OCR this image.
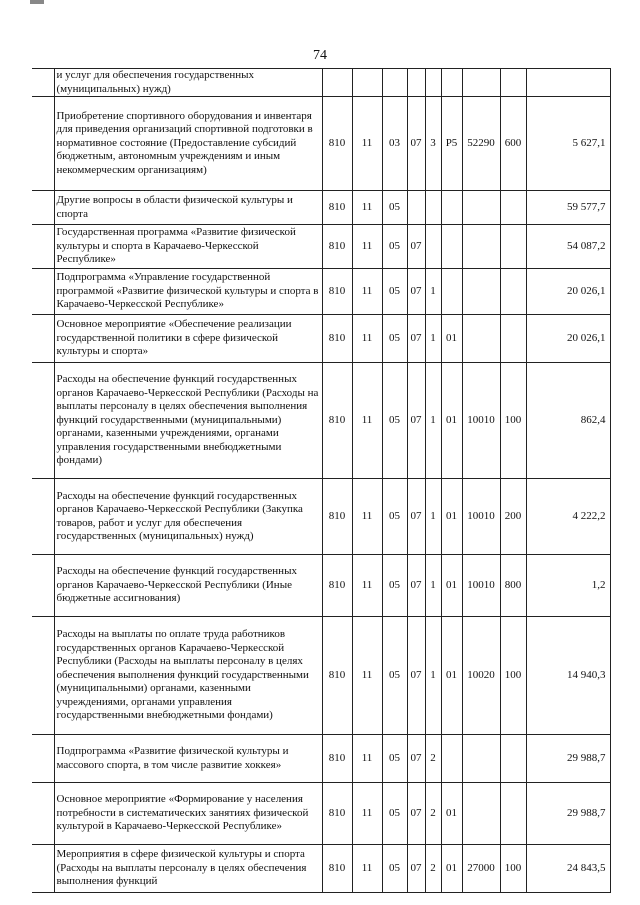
74
	и услуг для обеспечения государственных (муниципальных) нужд)									
	Приобретение спортивного оборудования и инвентаря для приведения организаций спортивной подготовки в нормативное состояние (Предоставление субсидий бюджетным, автономным учреждениям и иным некоммерческим организациям)	810	11	03	07	3	P5	52290	600	5 627,1
	Другие вопросы в области физической культуры и спорта	810	11	05						59 577,7
	Государственная программа «Развитие физической культуры и спорта в Карачаево-Черкесской Республике»	810	11	05	07					54 087,2
	Подпрограмма «Управление государственной программой «Развитие физической культуры и спорта в Карачаево-Черкесской Республике»	810	11	05	07	1				20 026,1
	Основное мероприятие «Обеспечение реализации государственной политики в сфере физической культуры и спорта»	810	11	05	07	1	01			20 026,1
	Расходы на обеспечение функций государственных органов Карачаево-Черкесской Республики (Расходы на выплаты персоналу в целях обеспечения выполнения функций государственными (муниципальными) органами, казенными учреждениями, органами управления государственными внебюджетными фондами)	810	11	05	07	1	01	10010	100	862,4
	Расходы на обеспечение функций государственных органов Карачаево-Черкесской Республики (Закупка товаров, работ и услуг для обеспечения государственных (муниципальных) нужд)	810	11	05	07	1	01	10010	200	4 222,2
	Расходы на обеспечение функций государственных органов Карачаево-Черкесской Республики (Иные бюджетные ассигнования)	810	11	05	07	1	01	10010	800	1,2
	Расходы на выплаты по оплате труда работников государственных органов Карачаево-Черкесской Республики (Расходы на выплаты персоналу в целях обеспечения выполнения функций государственными (муниципальными) органами, казенными учреждениями, органами управления государственными внебюджетными фондами)	810	11	05	07	1	01	10020	100	14 940,3
	Подпрограмма «Развитие физической культуры и массового спорта, в том числе развитие хоккея»	810	11	05	07	2				29 988,7
	Основное мероприятие «Формирование у населения потребности в систематических занятиях физической культурой в Карачаево-Черкесской Республике»	810	11	05	07	2	01			29 988,7
	Мероприятия в сфере физической культуры и спорта (Расходы на выплаты персоналу в целях обеспечения выполнения функций	810	11	05	07	2	01	27000	100	24 843,5
